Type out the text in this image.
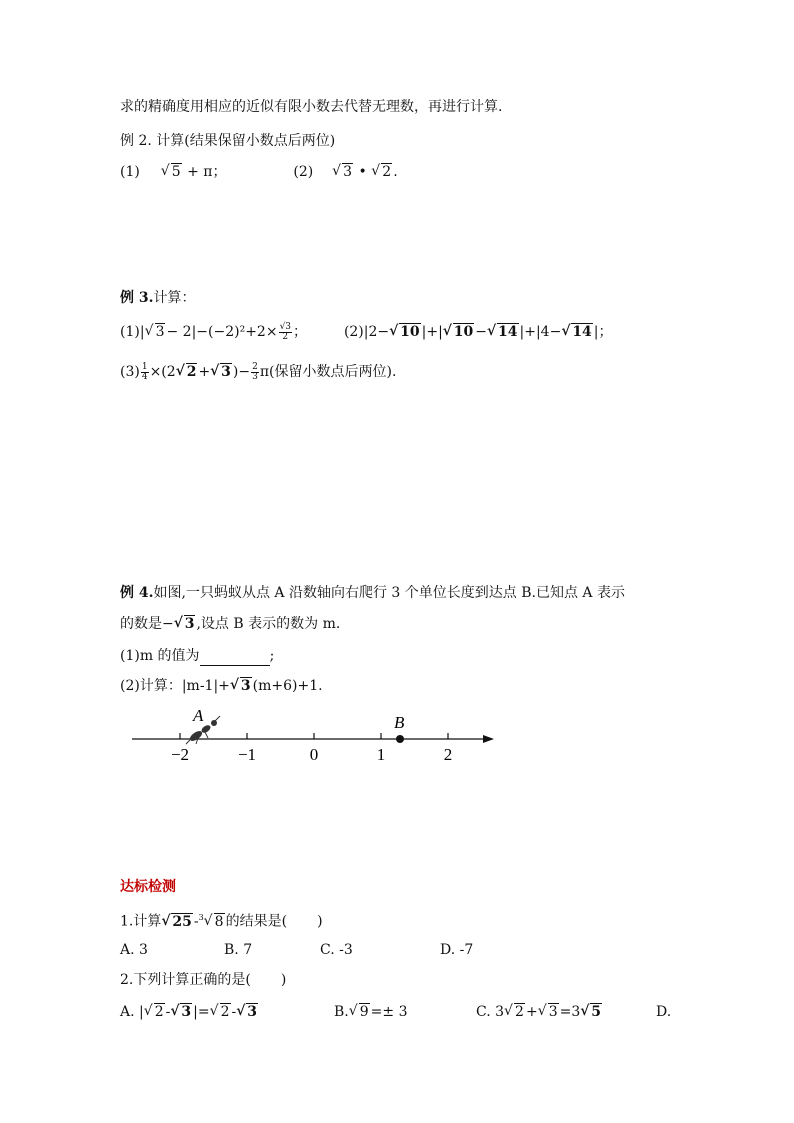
求的精确度用相应的近似有限小数去代替无理数，再进行计算.
例 2. 计算(结果保留小数点后两位)
(1)  √ 5 + π；	(2)  √ 3 • √ 2 .
例 3.计算：
(1)|√ $3 - 2|-(-2)^2+2\times \frac{√3}{2}$ ；	(2)|2−√ 10 |+|√ 10 −√ 14 |+|4−√ 14 |；
$(3) \frac{1}{4} \times(2√$ 2 +√ 3 )− $\frac{2}{3} \pi$(保留小数点后两位).
例 4.如图,一只蚂蚁从点 A 沿数轴向右爬行 3 个单位长度到达点 B.已知点 A 表示
的数是−√ 3 ,设点 B 表示的数为 m.
(1)m 的值为	;
(2)计算：|m-1|+√ 3 (m+6)+1.
−2	−1	0	1	2
A	B
达标检测
1.计算√ 25 -$^3$√ 8 的结果是( )
A. 3	B. 7	C. -3	D. -7
2.下列计算正确的是( )
A. |√ 2 -√ 3 |=√ 2 -√ 3	B.√ 9 =± 3	C. 3√ 2 +√ 3 =3√ 5	D.
